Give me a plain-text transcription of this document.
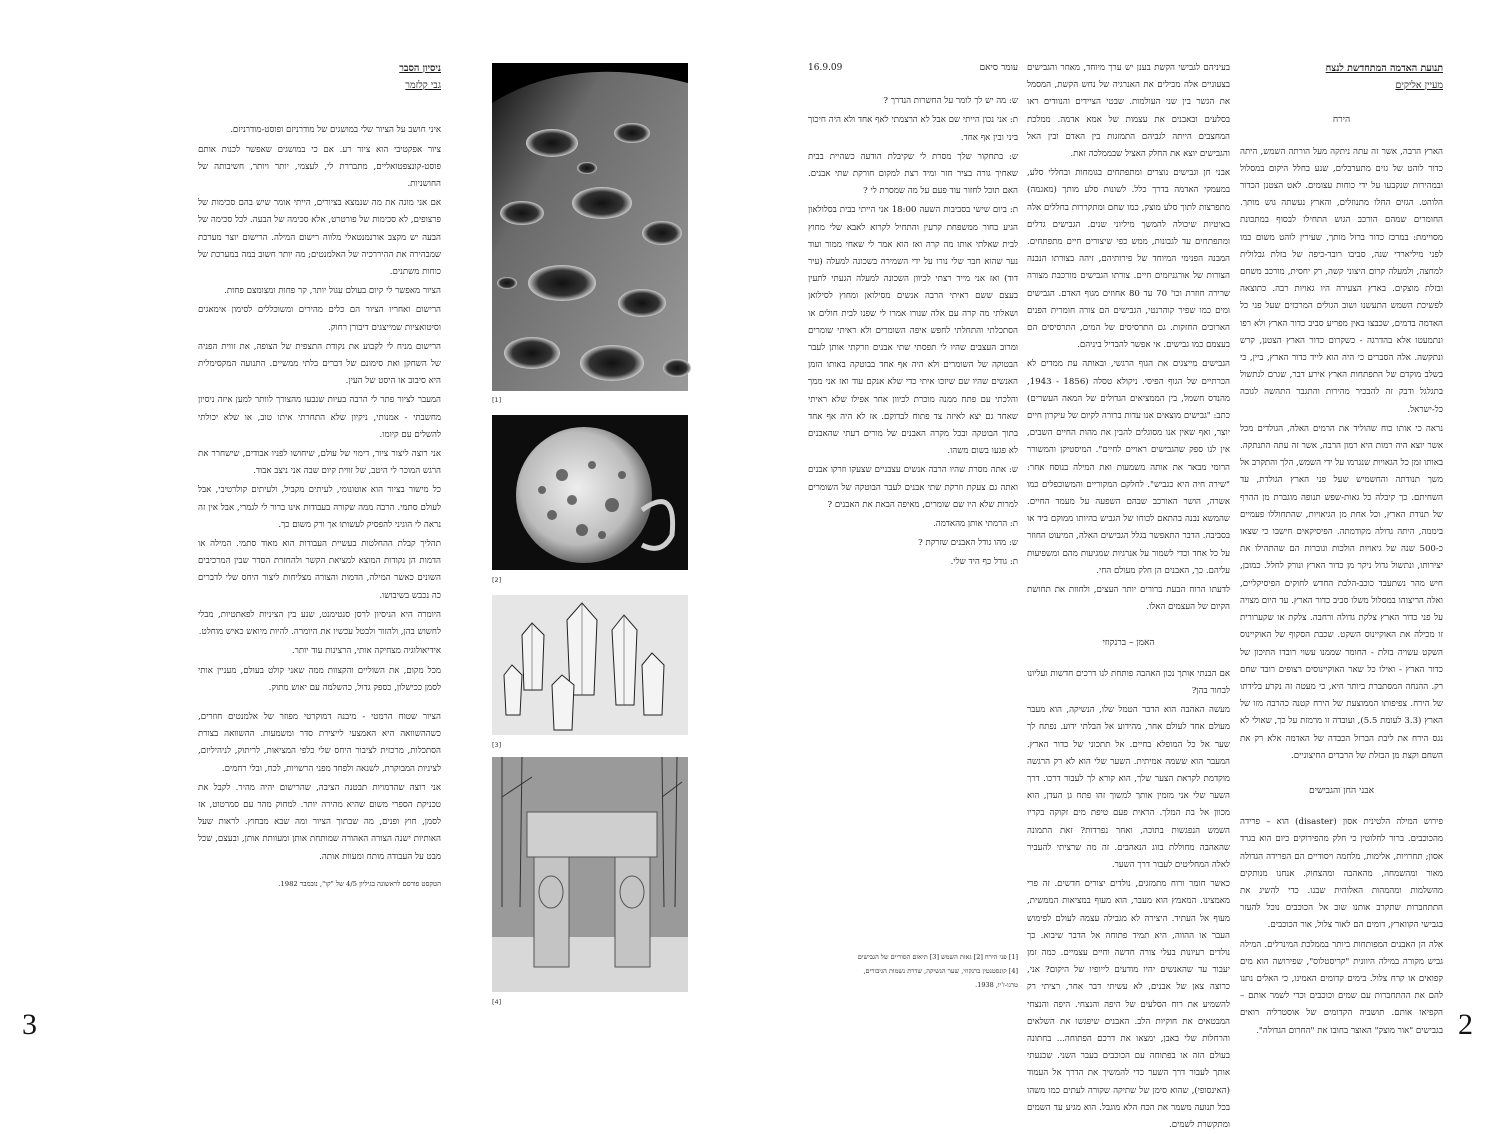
ניסיון הסבר
גבי קלזמר

איני חושב על הציור שלי במושגים של מודרניזם ופוסט-מודרניזם.

ציור אפקטיבי הוא ציור רע. אם כי במושגים שאפשר לכנות אותם פוסט-קונצפטואליים, מתבררת לי, לעצמי, יותר ויותר, חשיבותה של החושניות.

אם אני מונה את מה שנמצא בציורים, הייתי אומר שיש בהם סכימות של פרצופים, לא סכימות של פורטרט, אלא סכימה של הבעה. לכל סכימה של הבעה יש מקצב אורנמנטאלי מלווה רישום המילה. הרישום יוצר מערכת שמבהירה את ההיררכיה של האלמנטים; מה יותר חשוב במה במערכת של כוחות משתנים.

הציור מאפשר לי קיום בעולם עגול יותר, קר פחות ומצומצם פחות.

הרישום ואחריו הציור הם כלים מהירים ומשוכללים לסימון אימאגים וסיטואציות שמייצגים דיבורן רחוק.

הרישום מניח לי לקבוע את נקודת התצפית של הצופה, את זווית הפניה של השחקן ואת סימונם של דברים בלתי ממשיים. התנועה המקסימלית היא סיבוב או היסט של העין.

המעבר לציור פתר לי הרבה בעיות שנבעו מהצורך לוותר למען איזה ניסיון מחשבתי - אמנותי, ניקיון שלא התחרתי איתו טוב, או שלא יכולתי להשלים עם קיומו.

אני רוצה ליצור ציור, דימוי של עולם, שיחושו לפניו אבודים, שישחרר את הרגש המוכר לי היטב, של זווית קיום שבה אני ניצב אבוד.

כל מישור בציור הוא אוטונומי, לעיתים מקביל, ולעיתים קולרטיבי, אבל לעולם סתמי. הרבה ממה שקורה בעבודות אינו ברור לי לגמרי, אבל אין זה נראה לי הוגיני להפסיק לעשותו אך ורק משום כך.

תהליך קבלת ההחלטות בעשיית העבודות הוא מאוד סתמי. המילה או הדמות הן נקודות המוצא למציאת הקשר ולהחזרת הסדר שבין המרכיבים השונים כאשר המילה, הדמות והצורה מצליחות ליצור היחס שלי לדברים כה נכבש בשיבושו.

היומרה היא הניסיון לרסן סנטימנט, שנע בין הציניות לפאתטיות, מבלי לחשוש בהן, ולהזור ולבטל עכשיו את היומרה. להיות מיואש כאיש מוחלט.

אידיאולוגיה מצחיקה אותי, הרצינות עוד יותר.

מכל מקום, את השוליים והקצוות ממה שאני קולט בעולם, מעניין אותי לסמן ככישלון, כספק גדול, כהשלמה עם יאוש מתוק.

הציור שטוח הרמטי - מיבנה דמוקרטי מפוזר של אלמנטים חוזרים, כשההשוואה היא האמצעי לייצירת סדר ומשמעות. ההשוואה בצורת הסתכלות, מרכזית לציבור היחס שלי כלפי המציאות, לריתוק, לניהיליזם, לציניות המבוקרת, לשנאה ולפחד מפני הרשויות, לכח, ובלי רחמים.

אני רוצה שהדמויות תבטנה הציבה, שהרישום יהיה מהיר. לקבל את טכניקת הספרי משום שהיא מהירה יותר. למחוק מהר עם סמרטוט, אז לסמן, חוץ ופנים, מה שבתוך הציור ומה שבא מבחוץ. לראות שעל האותיות ישנה הצורה האהורה שמותחת אותן ומעוותת אותן, ובעצם, שכל מבט על העבודה מותח ומעוות אותה.

הטקסט פורסם לראשונה בגיליון 4/5 של "קו", נובמבר 1982.

[1]
[2]
[3]
[4]
עומר סיאם
16.9.09

ש: מה יש לך לומר על החשרות הנדרך ?

ת: אני נכון הייתי שם אבל לא הרצמתי לאף אחד ולא היה חיכוך ביני ובין אף אחד.

ש: בתחקור שלך מסרת לי שקיבלת הודעה כשהיית בבית שאחיך גורה בציר חזר ומיד רצת למקום חורקת שתי אבנים. האם תוכל לחזור עוד פעם על מה שמסרת לי ?

ת: ביום שישי בסביבות השעה 18:00 אני הייתי בבית בסלולאון הגיע בחור ממשפחת קרעין והתחיל לקרוא לאבא שלי מחוץ לבית שאלתי אותו מה קרה ואז הוא אמר לי שאחי ממור ועוד נער שהוא חבר שלי נורו על ידי השמירה בשכונה למעלה (עיר דוד) ואז אני מייד רצתי לכיוון השכונה למעלה הגעתי לתעין בעצם ששם ראיתי הרבה אנשים מסילואן ומחוץ לסילואן ושאלתי מה קרה עם אלה שנורו אמרו לי שפנו לבית חולים או הסתכלתי והתחלתי לחפש איפה השומרים ולא ראיתי שומרים ומרוב העצבים שהיו לי תפסתי שתי אבנים וזרקתי אותן לעבר הבטוקה של השומרים ולא היה אף אחד בבוטקה באותו הזמן האנשים שהיו שם שיזכו איתי כדי שלא אנקם עוד ואז אני ממך והלכתי עם פתח ממנה מוכרת לכיוון אחר אפילו שלא ראיתי שאחד גם יצא לאיזה צד פתוח לבדוקם. אז לא היה אף אחד בתוך הבוטקה ובכל מקרה האבנים של מורים דעתי שהאבנים לא פגעו בשום משהו.

ש: אתה מסרת שהיו הרבה אנשים עצבניים שצעקו וזרקו אבנים ואתה גם צעקת וזרקת שתי אבנים לעבר הבוטקה של השומרים למרות שלא היו שם שומרים, מאיפה הבאת את האבנים ?

ת: הרמתי אותן מהאדמה.

ש: מהו גודל האבנים שזרקת ?

ת: גודל כף היד שלי.

[1] פני הירח [2] גאות השמש [3] תיאום הסוריים של הגבישים
[4] קונסטנטין ברנקוזי, שער הנשיקה, שדרת נשמות הגיבורים,
טרגו-ז'יו, 1938.

בעיניהם לגבישי הקשת בענן יש ערך מיוחד, מאחר והגבישים בצעוניים אלה מכילים את האנרגיה של נחש הקשת, המסמל את הגשר בין שני העולמות. שבטי הציידים והנוודים ראו בסלעים ובאבנים את עצמות של אמא אדמה. ממלכת המחצבים הייתה לגביהם התמזגות בין האדם ובין האל והגבישים יוצא את החלק האציל שבממלכה זאת.

אבני חן וגבישים נוצרים ומתפתחים בגומחות ובחללי סלע, במעמקי האדמה בדרך כלל. לשונות סלע מותך (מאגמה) מתפרצות לתוך סלע מוצק, כמו שחם ומתקררות בחללים אלה באיטיות שיכולה להמשך מיליוני שנים. הגבישים גדלים ומתפתחים עד לגבונות, ממש כפי שיצורים חיים מתפתחים. המבנה הפנימי המיוחד של פירותיהם, זיהה בצורתו הנבנה הצורות של אורגניזמים חיים. צורתו הגבישים מורכבת מצורה שרירה חוזרת וכו' 70 עד 80 אחוזים מגוף האדם. הגבישים ומים כמו שפיר קוהרנטי, הגבישים הם צורה חומרית הפנים הארוכים החזקות. גם התרסיסים של המים, התרסיסים הם בעצמם כמו גבישים. אי אפשר להבדיל ביניהם.

הגבישים מייצגים את הגוף הרגשי, ובאותה עת ממדים לא הכרתיים של הגוף הפיסי. ניקולא טסלה (1856 - 1943, מהנדס חשמל, בין הממציאים הגדולים של המאה העשרים) כתב: "גבישים מוצאים אנו עדות ברורה לקיום של עיקרון חיים יוצר, ואף שאין אנו מסוגלים להבין את מהות החיים השבים, אין לנו ספק שהגבישים ראויים לחיים". המיסטיקן והמשורר הרומי מבאר את אותה משמעות ואת המילה בנוסח אחר: "שירה חיה היא כגביש". לחלקם המקוריים והמשוכפלים כמו אשרה, הושר האורכב שבהם השפעה על מעמד החיים. שהמשא נבנה בהתאם לכוחו של הגביש בהיותו ממוקם ביד או בסביבה. הדבר התאפשר בגלל הגבישים האלה, המיעוט החוזר על כל אחד וכדי לשמור על אנרגיות שמגיעות מהם ומשפיעות עליהם. כך, האבנים הן חלק מעולם החי.

לדעתו הרוח הבעת ברורים יותר העצים, ולחוות את תחושת הקיום של העצמים האלו.

האמן – ברנקוזי

אם הבנתי אותך נכון האהבה פותחת לנו דרכים חדשות ועליונו לבחור בהן?

מעשה האהבה הוא הדבר הטמל שלו, הנשיקה, הוא מעבר מעולם אחד לעולם אחר, מהידוע אל הבלתי ידוע. נפתח לך שער אל כל המופלא בחיים. אל תתכוני של כדור הארץ. המעבר הוא ששמה אמיתית. השער שלי הוא לא רק הרגשה מוקדמת לקראת הצער שלך, הוא קורא לך לעבור דרכו. דרך השער שלי אני מזמין אותך למשוך זהו פתח גן העדן, הוא מכוון אל בת המלך. הראית פעם טיפת מים זקוקה בקריו השמש הנפגשות בתוכה, ואחר נפרדות? זאת התמונה שהאהבה מחוללת בזוג הנאהבים. זה מה שרציתי להעביר לאלה המחליטים לעבור דרך השער.

כאשר חומר ורוח מתמזגים, נולדים יצורים חדשים. זה פרי מאמצינו. המאמץ הוא מעבר, הוא מעוף במציאות הממשית, מעוף אל העתיד. היצירה לא מגבילה עצמה לעולם לפימוש העבר או ההווה, היא תמיד פתוחה אל הדבר שיבוא. כך נולדים רעיונות בעלי צורה חדשה וחיים עצמיים. כמה זמן יעבור עד שהאנשים יהיו מודעים לייופיו של היקום? אני, כרוצה צאן של אבנים, לא עשיתי דבר אחר, רציתי רק להשמיע את רוח הסלעים של היפה והנצחי. היפה והנצחי המבטאים את חוקיות הלב. האבנים שיפגשו את השלאים והרחלות שלי באבן, ימצאו את דרכם הפתוחה... בחתונה בעולם הזה או בפתוחה עם הכוכבים בעבר השני. שכנעתי אותך לעבור דרך השער כדי להמשיך את הדרך אל העמוד (האינסופי), שהוא סימן של שתיקה שקורה לעתים כמו משהו בכל תנועה משמר את הכח הלא מוגבל. הוא מגיע עד השמים ומתקשרת לשמים.

תנועת האדמה המתחדשת לנצח
מעיין אליקים
הירח

הארץ הרבה, אשר זה עתה ניתקה מעל הורתה השמש, היתה כדור לוהט של גזים מתערבלים, שנע בחלל היקום במסלול ובמהירות שנקבעו על ידי כוחות עצומים. לאט הצטנן הכדור הלוהט. הגזים החלו מתנוזלים, והארץ נעשתה גוש מותך. החומרים שמהם הורכב הגוש התחילו לבסוף במתכונת מסויימת: במרכז כדור ברזל מותך, שעירין לוהט משום כמו לפני מיליארדי שנה, סביבו רובד-כיפה של בזלת גבלולית למחצה, ולמעלה קרום היצוני קשה, רק יחסית, מורכב משחם ובזלת מוצקים. בארץ הצעירה היו גאויות רבה. כתוצאה לפשיכת השמש התעשנו ושוב הגולים המרכזים שעל פני כל האדמה בדמים, שכבצו באין מפריע סביב כדור הארץ ולא רפו ונתמעטו אלא בהדרגה - כשקרום כדור הארץ הצטנן, קרש ונתקשה. אלה הסברים כי היה הוא לייד כדור הארץ, ביין, כי בשלב מוקדם של התפתחות הארץ אירע דבר, שגרם לנתשול בתגלגל ודבק זה להבכיר מהירות והתגבר התהשה לגובה כל-ישראל.

נראה כי אותו כוח שהוליד את הרמים האלה, הגולדים מכל אשר יוצא היה רמות היא רמון הרבה, אשר זה עתה התנתקה. באותו זמן כל הגאויות שנגרמו על ידי השמש, הלך והתקרב אל משך תנודתה והחשמיש שעל פני הארץ הגולדת, עד השחיתם. כך קיבלה כל גאות-שפש תנופה מוגברת מן ההרף של תנודת הארץ, וכל אחת מן הגיאויות, שהתחוללו פעמיים ביממה, היתה גדולה מקודמתה. הפיסיקאים חישבו כי שצאו כ-500 שנה של גיאויות הולכות וגוברות הם שהתהילו את יצירותו, ונתשול גדול ניקר מן כדור הארץ ונורק לחלל. כמובן, חיש מהר נשתעבד כוכב-הלכת החדש לחוקים הפיסיקליים, ואלה הריצוהו במסלול משלו סביב כדור הארץ. עד היום מצויה על פני כדור הארץ צלקת גדולה ורחבה. צלקת או שקערורית זו מכילה את האוקיינוס השקט. שכבת הסקוף של האוקיינוס השקט עשויה בזלת - החומר שממנו עשוי רובדו התיכון של כדור הארץ - ואילו כל שאר האוקיינוסים רצופים רובד שחם רק. ההנחה המסתברת ביותר היא, כי מעטה זה נקרע בלידתו של הירח. צפיפותו הממוצעת של הירח קטנה כהרבה מזו של הארץ (3.3 לעומת 5.5), ועובדה זו מרמזת על כך, שאולי לא נגס הירח את ליבת הברזל הכבדה של האדמה אלא רק את השחם וקצת מן הבזלת של הרבדים החיצוניים.

אבני החן והגבישים

פירוש המילה הלטינית אסון (disaster) הוא – פרידה מהכוכבים. ברור לחלוטין כי חלק מהפירוקים כיום הוא בגרד אסון; תחרויות, אלימות, מלחמה ויסודיים הם הפרידה הגדולה מאור ומהשמחה, מהאהבה ומהצחוק. אנחנו מנותקים מהשלמות ומהמהות האלוהית שבנו. כדי להשיג את התתחברות שתקרב אותנו שוב אל הכוכבים נוכל להעזר בגבישי הקווארץ, דומים הם לאור צלול, אור הכוכבים.

אלה הן האבנים המפותחות ביותר בממלכת המינרלים. המילה גביש מקורה במילה היוונית "קריסטלוס", שפירושה הוא מים קפואים או קרח צלול. בימים קדומים האמינו, כי האלים נתנו להם את ההתחברות עם שמים וכוכבים וכדי לשמר אותם – הקפיאו אותם. תושביה הקדומים של אוסטרליה רואים בגבישים "אור מוצק" האוצר בחובו את "החרום הגדולה".

3	2
